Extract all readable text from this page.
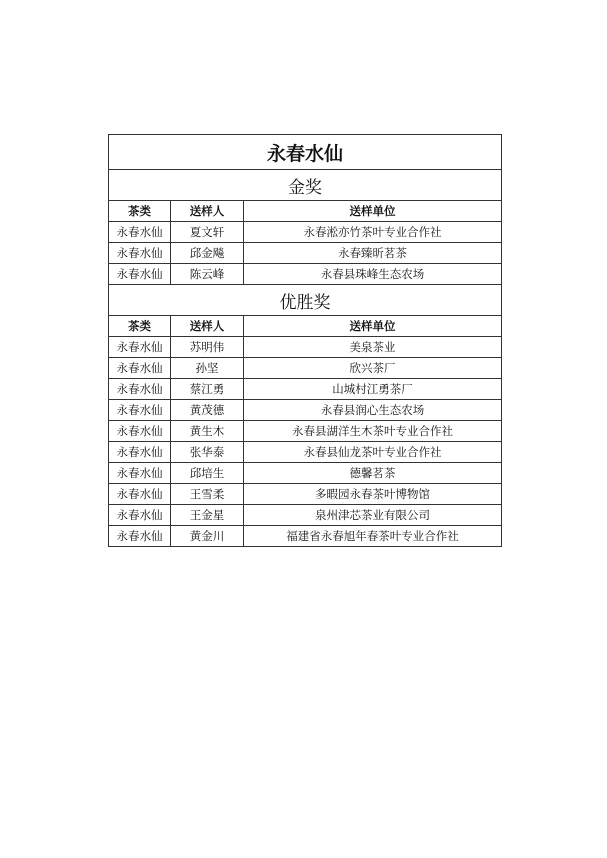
永春水仙		
金奖		
茶类	送样人	送样单位
永春水仙	夏文轩	永春淞亦竹茶叶专业合作社
永春水仙	邱金飚	永春臻昕茗茶
永春水仙	陈云峰	永春县珠峰生态农场
优胜奖		
茶类	送样人	送样单位
永春水仙	苏明伟	美泉茶业
永春水仙	孙坚	欣兴茶厂
永春水仙	蔡江勇	山城村江勇茶厂
永春水仙	黄茂德	永春县润心生态农场
永春水仙	黄生木	永春县湖洋生木茶叶专业合作社
永春水仙	张华泰	永春县仙龙茶叶专业合作社
永春水仙	邱培生	德馨茗茶
永春水仙	王雪柔	多暇园永春茶叶博物馆
永春水仙	王金星	泉州津芯茶业有限公司
永春水仙	黄金川	福建省永春旭年春茶叶专业合作社
